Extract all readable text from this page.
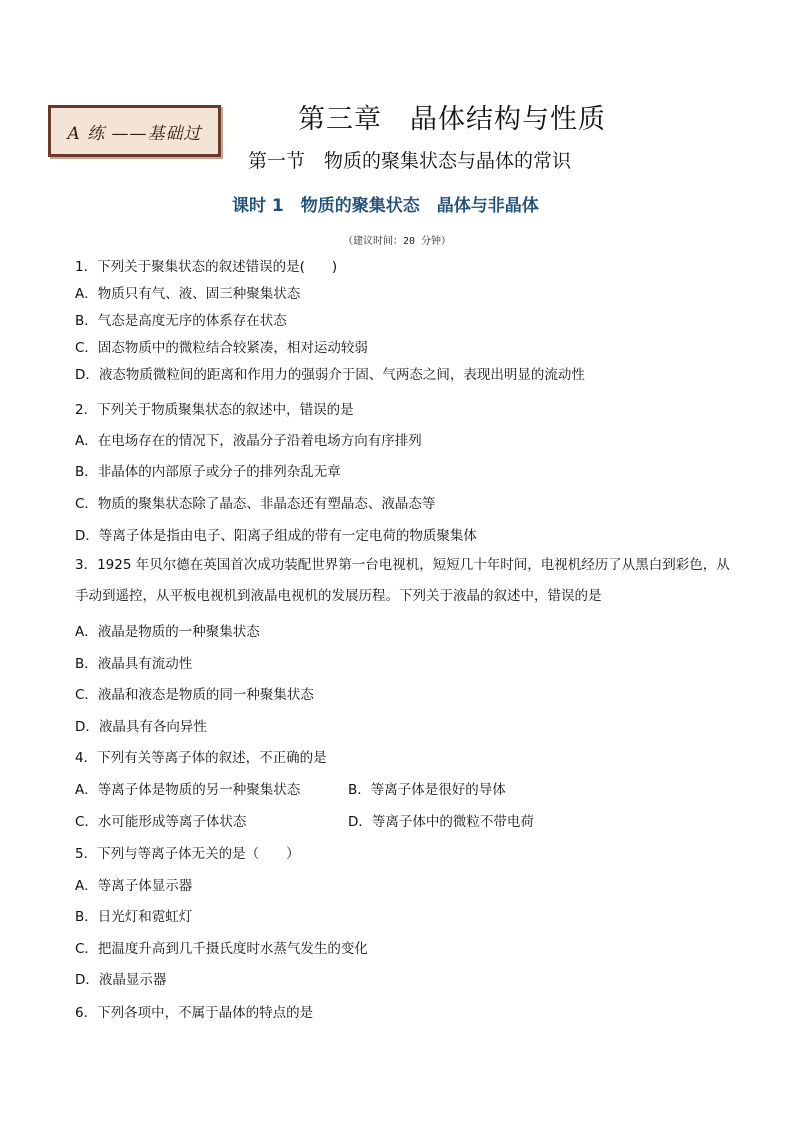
A 练 ——基础过	第三章　晶体结构与性质
第一节　物质的聚集状态与晶体的常识
课时 1　物质的聚集状态　晶体与非晶体
（建议时间：20 分钟）
1．下列关于聚集状态的叙述错误的是(　　)
A．物质只有气、液、固三种聚集状态
B．气态是高度无序的体系存在状态
C．固态物质中的微粒结合较紧凑，相对运动较弱
D．液态物质微粒间的距离和作用力的强弱介于固、气两态之间，表现出明显的流动性
2．下列关于物质聚集状态的叙述中，错误的是
A．在电场存在的情况下，液晶分子沿着电场方向有序排列
B．非晶体的内部原子或分子的排列杂乱无章
C．物质的聚集状态除了晶态、非晶态还有塑晶态、液晶态等
D．等离子体是指由电子、阳离子组成的带有一定电荷的物质聚集体
3．1925 年贝尔德在英国首次成功装配世界第一台电视机，短短几十年时间，电视机经历了从黑白到彩色，从手动到遥控，从平板电视机到液晶电视机的发展历程。下列关于液晶的叙述中，错误的是
A．液晶是物质的一种聚集状态
B．液晶具有流动性
C．液晶和液态是物质的同一种聚集状态
D．液晶具有各向异性
4．下列有关等离子体的叙述，不正确的是
A．等离子体是物质的另一种聚集状态	B．等离子体是很好的导体
C．水可能形成等离子体状态	D．等离子体中的微粒不带电荷
5．下列与等离子体无关的是（　　）
A．等离子体显示器
B．日光灯和霓虹灯
C．把温度升高到几千摄氏度时水蒸气发生的变化
D．液晶显示器
6．下列各项中，不属于晶体的特点的是
